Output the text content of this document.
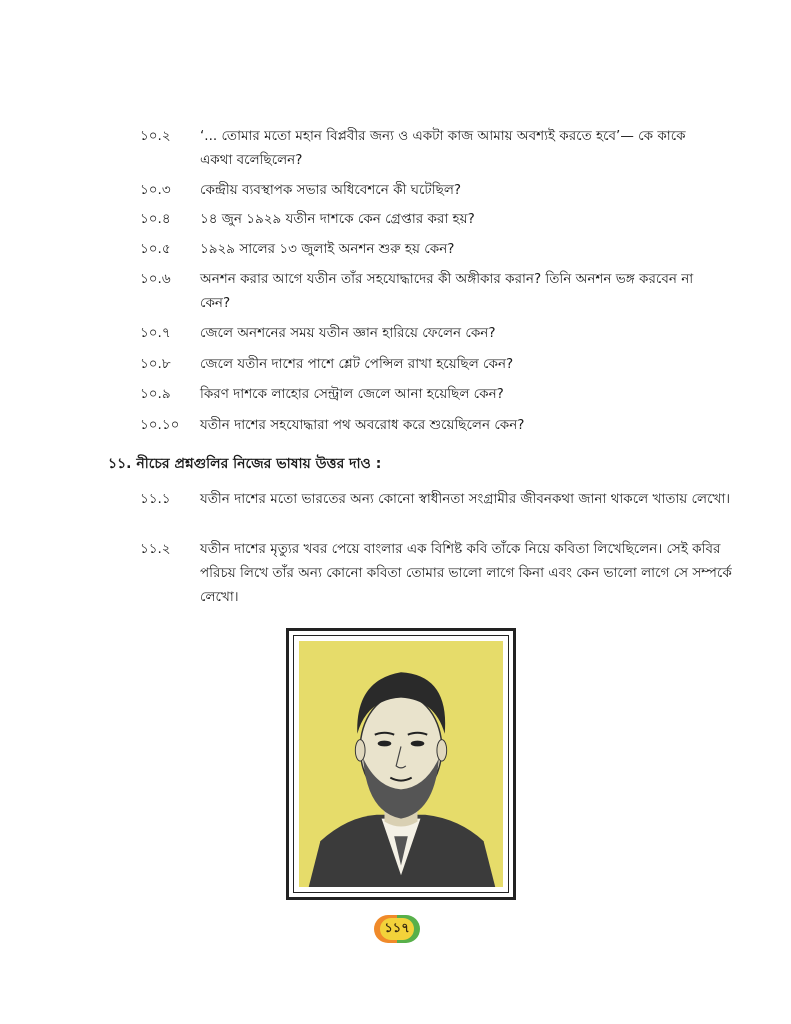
১০.২ ‘... তোমার মতো মহান বিপ্লবীর জন্য ও একটা কাজ আমায় অবশ্যই করতে হবে’— কে কাকে একথা বলেছিলেন?
১০.৩ কেন্দ্রীয় ব্যবস্থাপক সভার অধিবেশনে কী ঘটেছিল?
১০.৪ ১৪ জুন ১৯২৯ যতীন দাশকে কেন গ্রেপ্তার করা হয়?
১০.৫ ১৯২৯ সালের ১৩ জুলাই অনশন শুরু হয় কেন?
১০.৬ অনশন করার আগে যতীন তাঁর সহযোদ্ধাদের কী অঙ্গীকার করান? তিনি অনশন ভঙ্গ করবেন না কেন?
১০.৭ জেলে অনশনের সময় যতীন জ্ঞান হারিয়ে ফেলেন কেন?
১০.৮ জেলে যতীন দাশের পাশে শ্লেট পেন্সিল রাখা হয়েছিল কেন?
১০.৯ কিরণ দাশকে লাহোর সেন্ট্রাল জেলে আনা হয়েছিল কেন?
১০.১০ যতীন দাশের সহযোদ্ধারা পথ অবরোধ করে শুয়েছিলেন কেন?
১১. নীচের প্রশ্নগুলির নিজের ভাষায় উত্তর দাও :
১১.১ যতীন দাশের মতো ভারতের অন্য কোনো স্বাধীনতা সংগ্রামীর জীবনকথা জানা থাকলে খাতায় লেখো।
১১.২ যতীন দাশের মৃত্যুর খবর পেয়ে বাংলার এক বিশিষ্ট কবি তাঁকে নিয়ে কবিতা লিখেছিলেন। সেই কবির পরিচয় লিখে তাঁর অন্য কোনো কবিতা তোমার ভালো লাগে কিনা এবং কেন ভালো লাগে সে সম্পর্কে লেখো।
১১৭
